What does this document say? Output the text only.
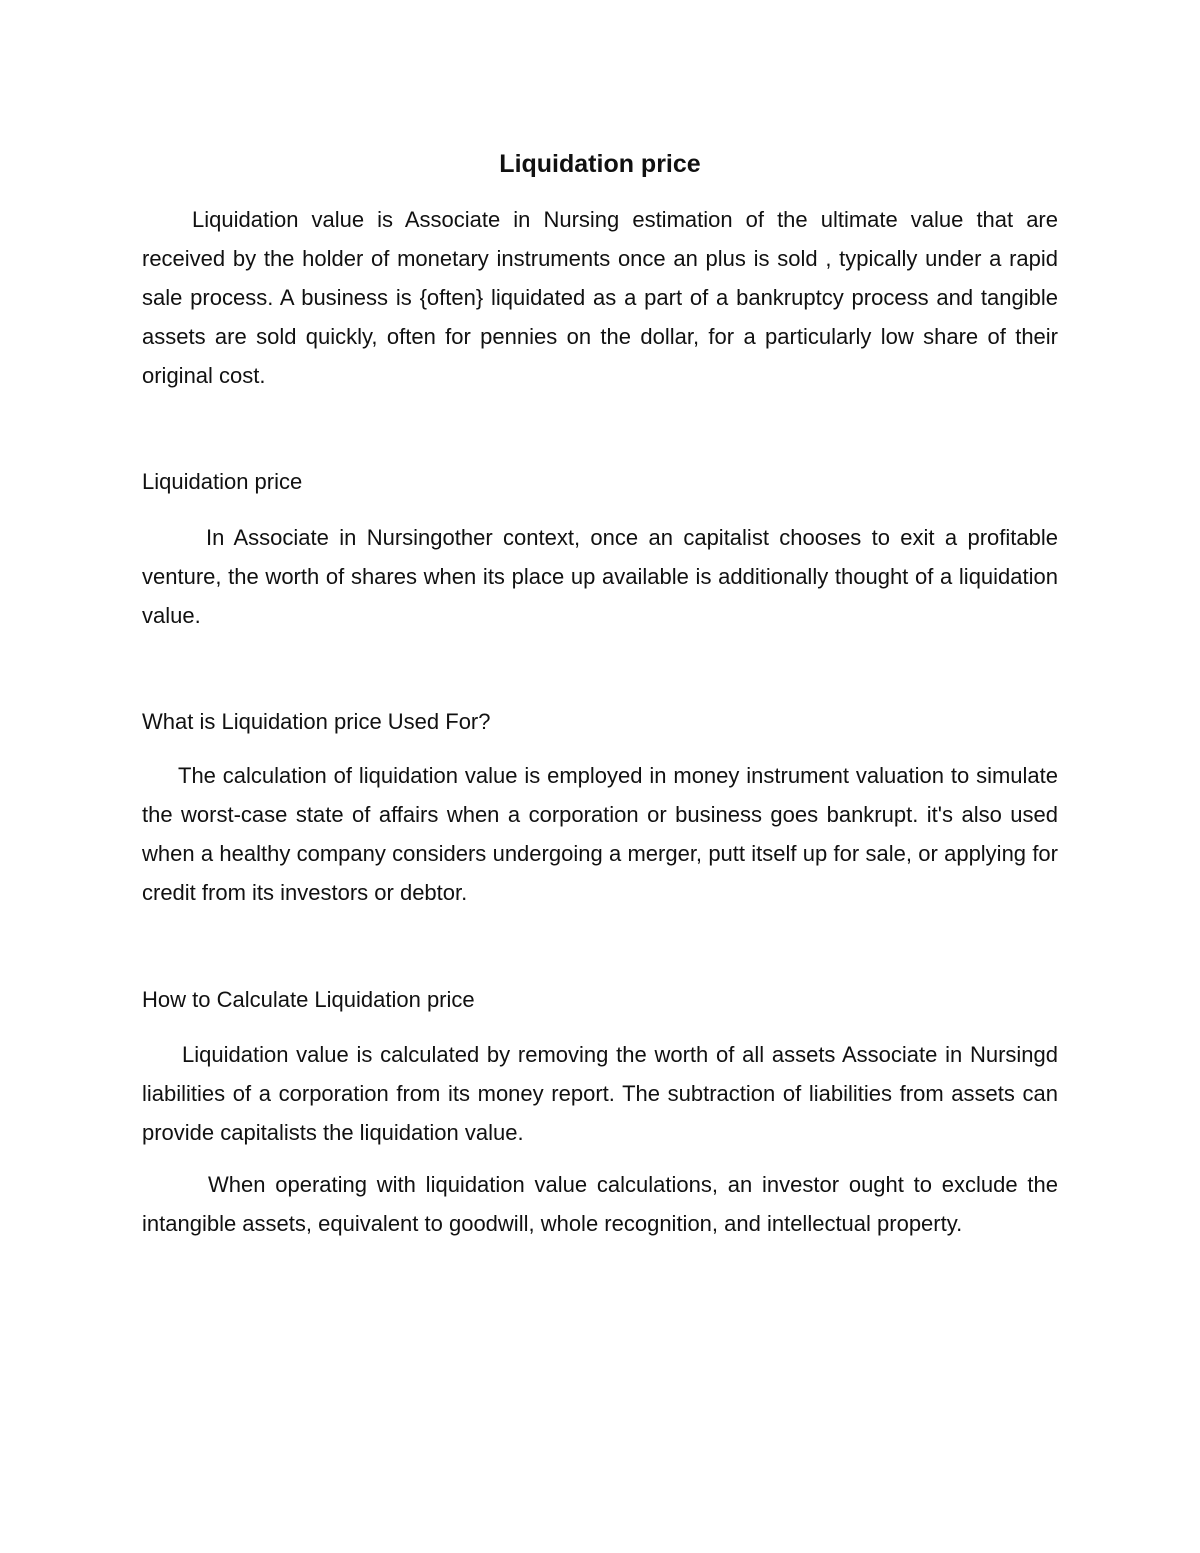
Liquidation price

Liquidation value is Associate in Nursing estimation of the ultimate value that are received by the holder of monetary instruments once an plus is sold , typically under a rapid sale process. A business is {often} liquidated as a part of a bankruptcy process and tangible assets are sold quickly, often for pennies on the dollar, for a particularly low share of their original cost.

Liquidation price

In Associate in Nursingother context, once an capitalist chooses to exit a profitable venture, the worth of shares when its place up available is additionally thought of a liquidation value.

What is Liquidation price Used For?

The calculation of liquidation value is employed in money instrument valuation to simulate the worst-case state of affairs when a corporation or business goes bankrupt. it's also used when a healthy company considers undergoing a merger, putt itself up for sale, or applying for credit from its investors or debtor.

How to Calculate Liquidation price

Liquidation value is calculated by removing the worth of all assets Associate in Nursingd liabilities of a corporation from its money report. The subtraction of liabilities from assets can provide capitalists the liquidation value.

When operating with liquidation value calculations, an investor ought to exclude the intangible assets, equivalent to goodwill, whole recognition, and intellectual property.
